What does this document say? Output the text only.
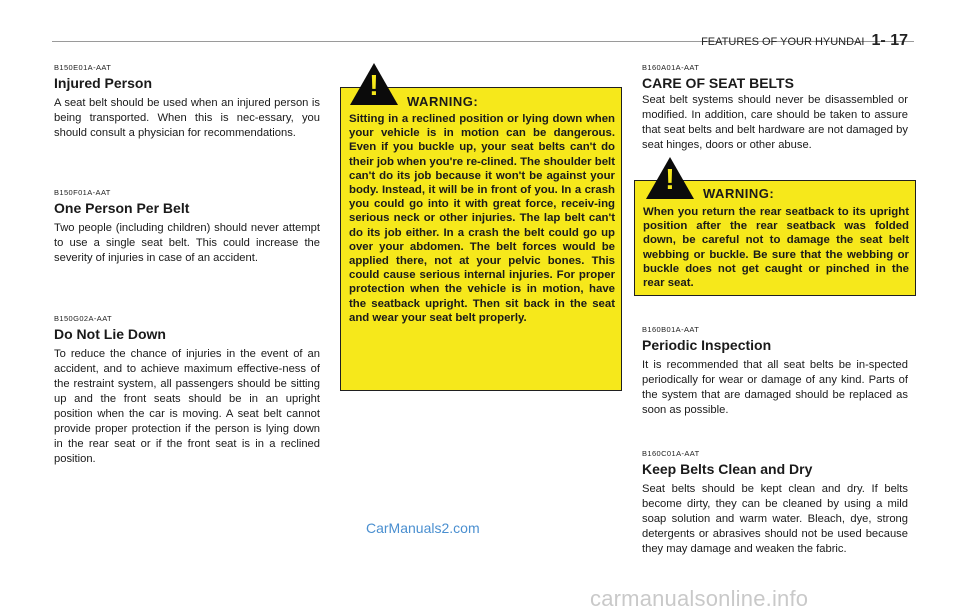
FEATURES OF YOUR HYUNDAI 1- 17

B150E01A-AAT

Injured Person

A seat belt should be used when an injured person is being transported. When this is nec-essary, you should consult a physician for recommendations.

B150F01A-AAT

One Person Per Belt

Two people (including children) should never attempt to use a single seat belt. This could increase the severity of injuries in case of an accident.

B150G02A-AAT

Do Not Lie Down

To reduce the chance of injuries in the event of an accident, and to achieve maximum effective-ness of the restraint system, all passengers should be sitting up and the front seats should be in an upright position when the car is moving. A seat belt cannot provide proper protection if the person is lying down in the rear seat or if the front seat is in a reclined position.

!	WARNING:

Sitting in a reclined position or lying down when your vehicle is in motion can be dangerous. Even if you buckle up, your seat belts can't do their job when you're re-clined. The shoulder belt can't do its job because it won't be against your body. Instead, it will be in front of you. In a crash you could go into it with great force, receiv-ing serious neck or other injuries. The lap belt can't do its job either. In a crash the belt could go up over your abdomen. The belt forces would be applied there, not at your pelvic bones. This could cause serious internal injuries. For proper protection when the vehicle is in motion, have the seatback upright. Then sit back in the seat and wear your seat belt properly.

B160A01A-AAT

CARE OF SEAT BELTS

Seat belt systems should never be disassembled or modified. In addition, care should be taken to assure that seat belts and belt hardware are not damaged by seat hinges, doors or other abuse.

!	WARNING:

When you return the rear seatback to its upright position after the rear seatback was folded down, be careful not to damage the seat belt webbing or buckle. Be sure that the webbing or buckle does not get caught or pinched in the rear seat.

B160B01A-AAT

Periodic Inspection

It is recommended that all seat belts be in-spected periodically for wear or damage of any kind. Parts of the system that are damaged should be replaced as soon as possible.

B160C01A-AAT

Keep Belts Clean and Dry

Seat belts should be kept clean and dry. If belts become dirty, they can be cleaned by using a mild soap solution and warm water. Bleach, dye, strong detergents or abrasives should not be used because they may damage and weaken the fabric.

CarManuals2.com
carmanualsonline.info
